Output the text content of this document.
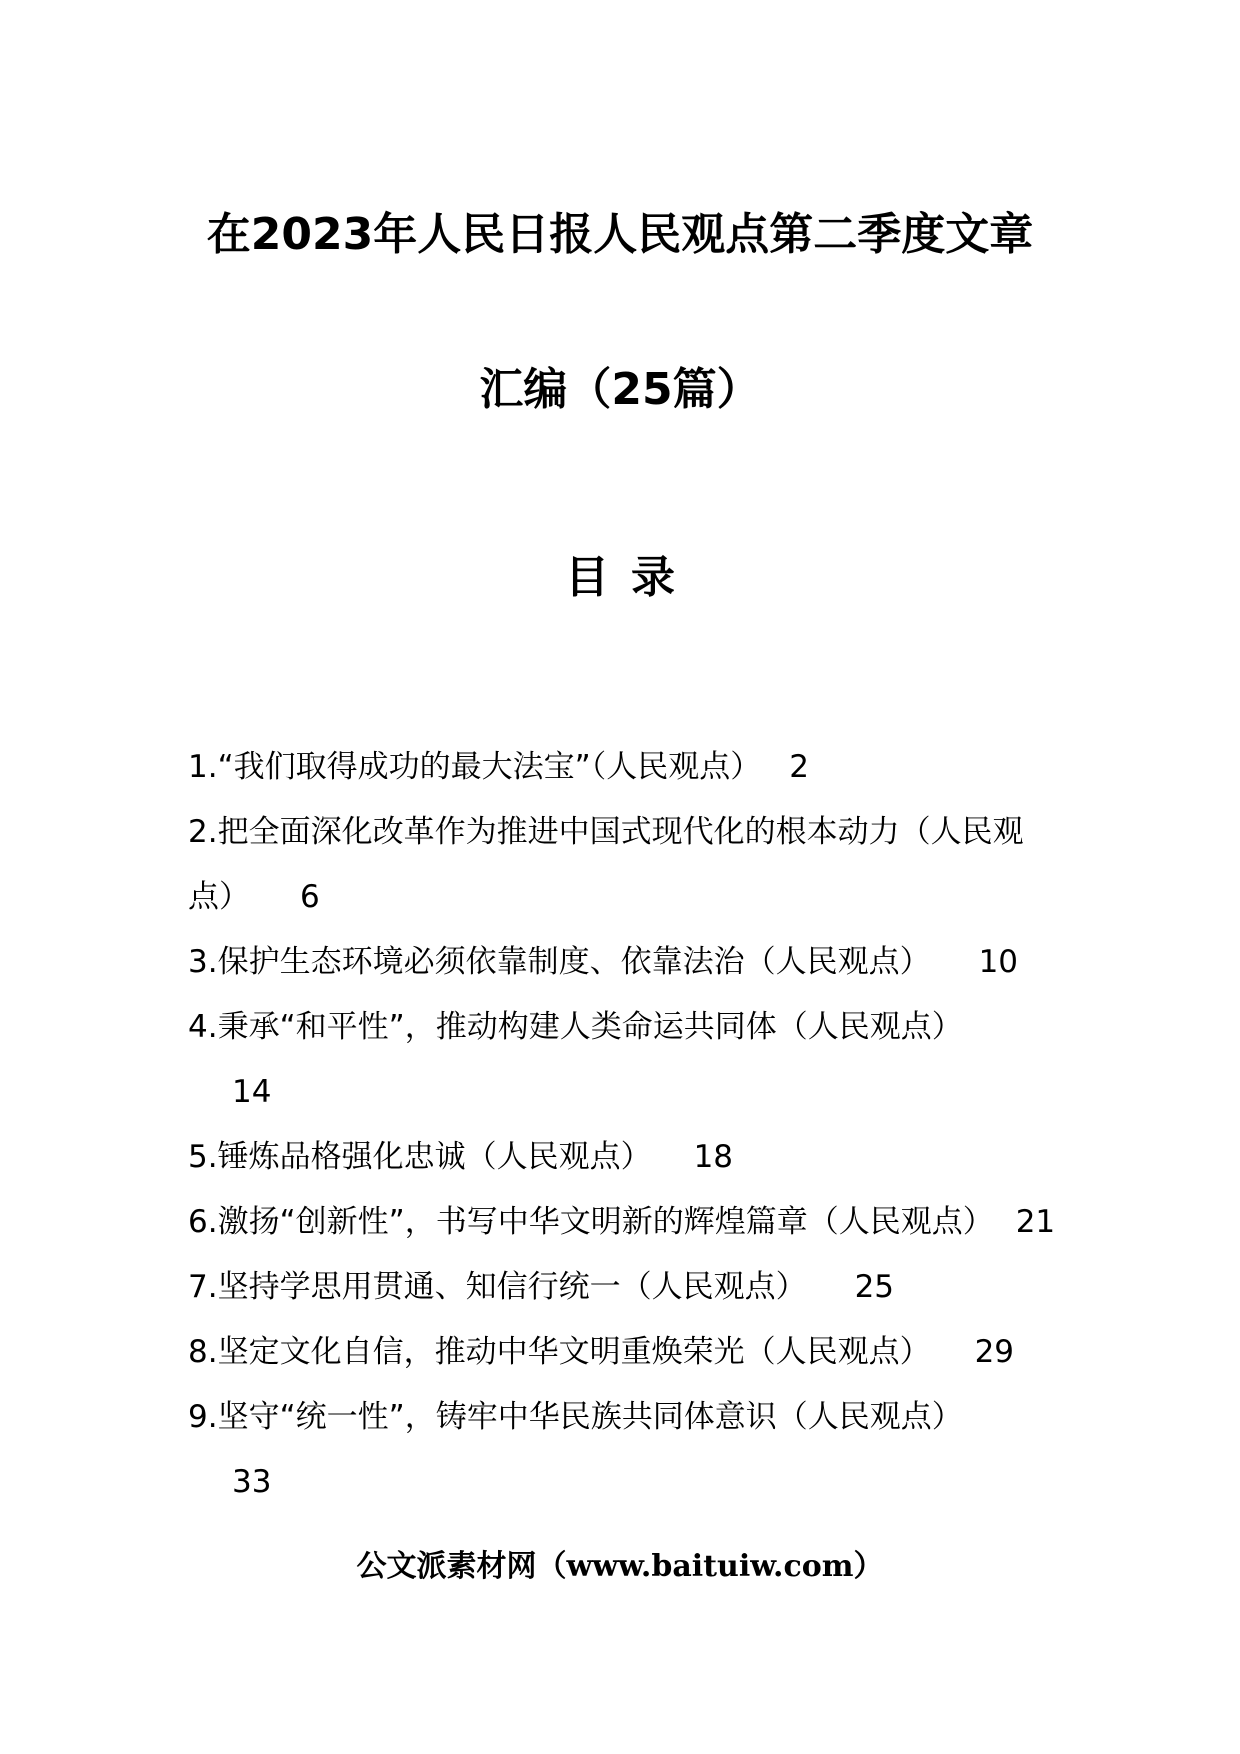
在2023年人民日报人民观点第二季度文章
汇编（25篇）
目录
1.“我们取得成功的最大法宝”（人民观点） 2
2.把全面深化改革作为推进中国式现代化的根本动力（人民观点） 6
3.保护生态环境必须依靠制度、依靠法治（人民观点） 10
4.秉承“和平性”，推动构建人类命运共同体（人民观点）
14
5.锤炼品格强化忠诚（人民观点） 18
6.激扬“创新性”，书写中华文明新的辉煌篇章（人民观点） 21
7.坚持学思用贯通、知信行统一（人民观点） 25
8.坚定文化自信，推动中华文明重焕荣光（人民观点） 29
9.坚守“统一性”，铸牢中华民族共同体意识（人民观点）
33
公文派素材网（www.baituiw.com）
